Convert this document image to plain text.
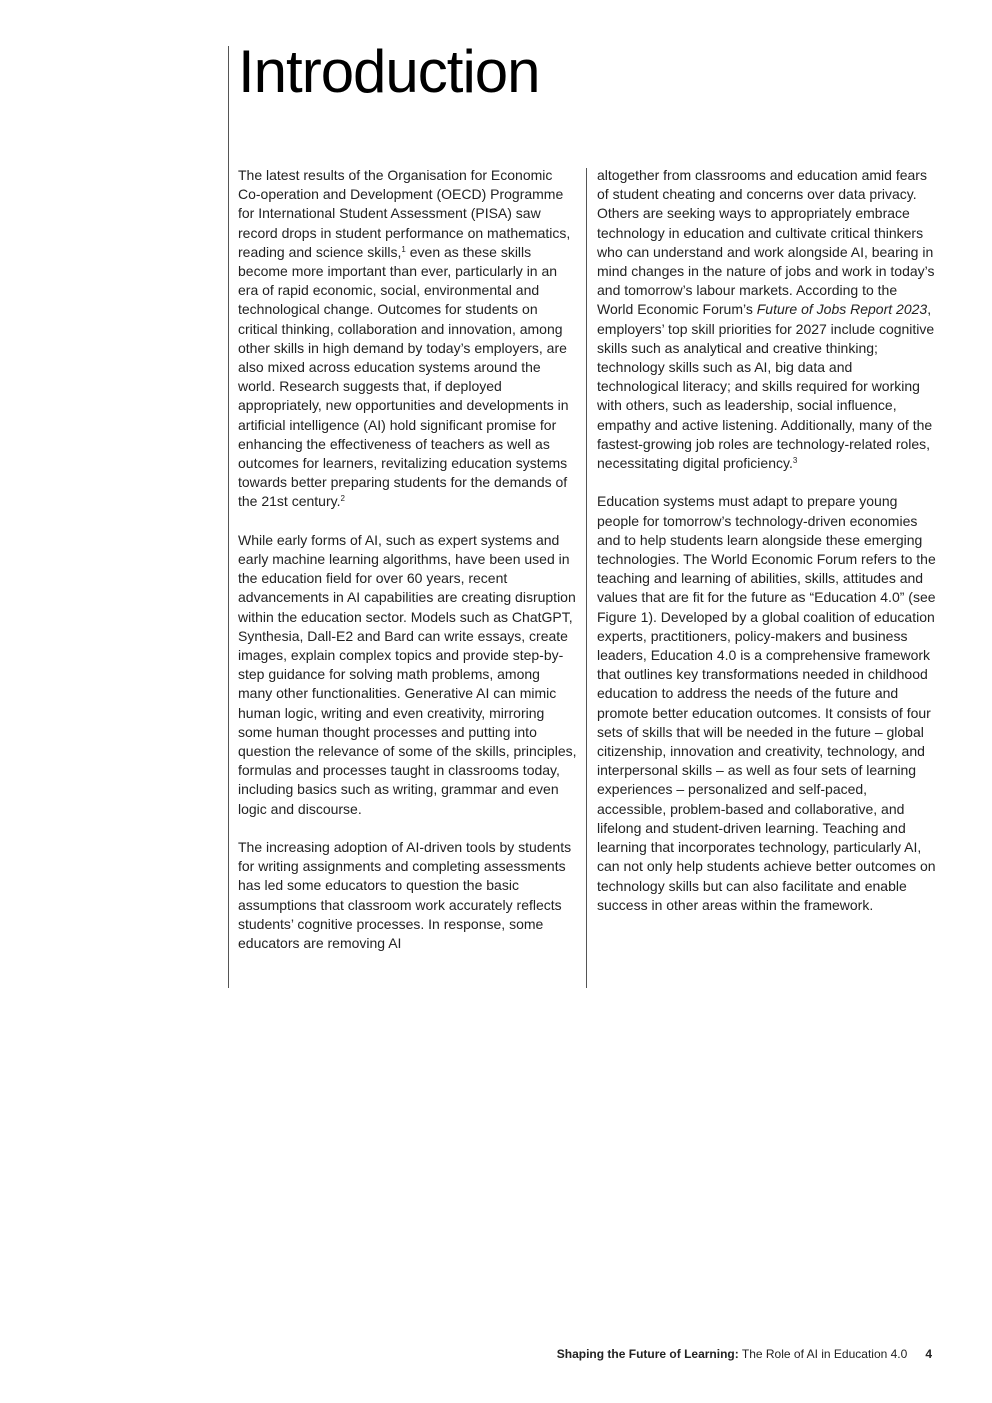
Introduction

The latest results of the Organisation for Economic Co-operation and Development (OECD) Programme for International Student Assessment (PISA) saw record drops in student performance on mathematics, reading and science skills,$^1$ even as these skills become more important than ever, particularly in an era of rapid economic, social, environmental and technological change. Outcomes for students on critical thinking, collaboration and innovation, among other skills in high demand by today’s employers, are also mixed across education systems around the world. Research suggests that, if deployed appropriately, new opportunities and developments in artificial intelligence (AI) hold significant promise for enhancing the effectiveness of teachers as well as outcomes for learners, revitalizing education systems towards better preparing students for the demands of the 21st century.$^2$

While early forms of AI, such as expert systems and early machine learning algorithms, have been used in the education field for over 60 years, recent advancements in AI capabilities are creating disruption within the education sector. Models such as ChatGPT, Synthesia, Dall-E2 and Bard can write essays, create images, explain complex topics and provide step-by-step guidance for solving math problems, among many other functionalities. Generative AI can mimic human logic, writing and even creativity, mirroring some human thought processes and putting into question the relevance of some of the skills, principles, formulas and processes taught in classrooms today, including basics such as writing, grammar and even logic and discourse.

The increasing adoption of AI-driven tools by students for writing assignments and completing assessments has led some educators to question the basic assumptions that classroom work accurately reflects students’ cognitive processes. In response, some educators are removing AI

altogether from classrooms and education amid fears of student cheating and concerns over data privacy. Others are seeking ways to appropriately embrace technology in education and cultivate critical thinkers who can understand and work alongside AI, bearing in mind changes in the nature of jobs and work in today’s and tomorrow’s labour markets. According to the World Economic Forum’s Future of Jobs Report 2023, employers’ top skill priorities for 2027 include cognitive skills such as analytical and creative thinking; technology skills such as AI, big data and technological literacy; and skills required for working with others, such as leadership, social influence, empathy and active listening. Additionally, many of the fastest-growing job roles are technology-related roles, necessitating digital proficiency.$^3$

Education systems must adapt to prepare young people for tomorrow’s technology-driven economies and to help students learn alongside these emerging technologies. The World Economic Forum refers to the teaching and learning of abilities, skills, attitudes and values that are fit for the future as “Education 4.0” (see Figure 1). Developed by a global coalition of education experts, practitioners, policy-makers and business leaders, Education 4.0 is a comprehensive framework that outlines key transformations needed in childhood education to address the needs of the future and promote better education outcomes. It consists of four sets of skills that will be needed in the future – global citizenship, innovation and creativity, technology, and interpersonal skills – as well as four sets of learning experiences – personalized and self-paced, accessible, problem-based and collaborative, and lifelong and student-driven learning. Teaching and learning that incorporates technology, particularly AI, can not only help students achieve better outcomes on technology skills but can also facilitate and enable success in other areas within the framework.

Shaping the Future of Learning: The Role of AI in Education 4.0 4
